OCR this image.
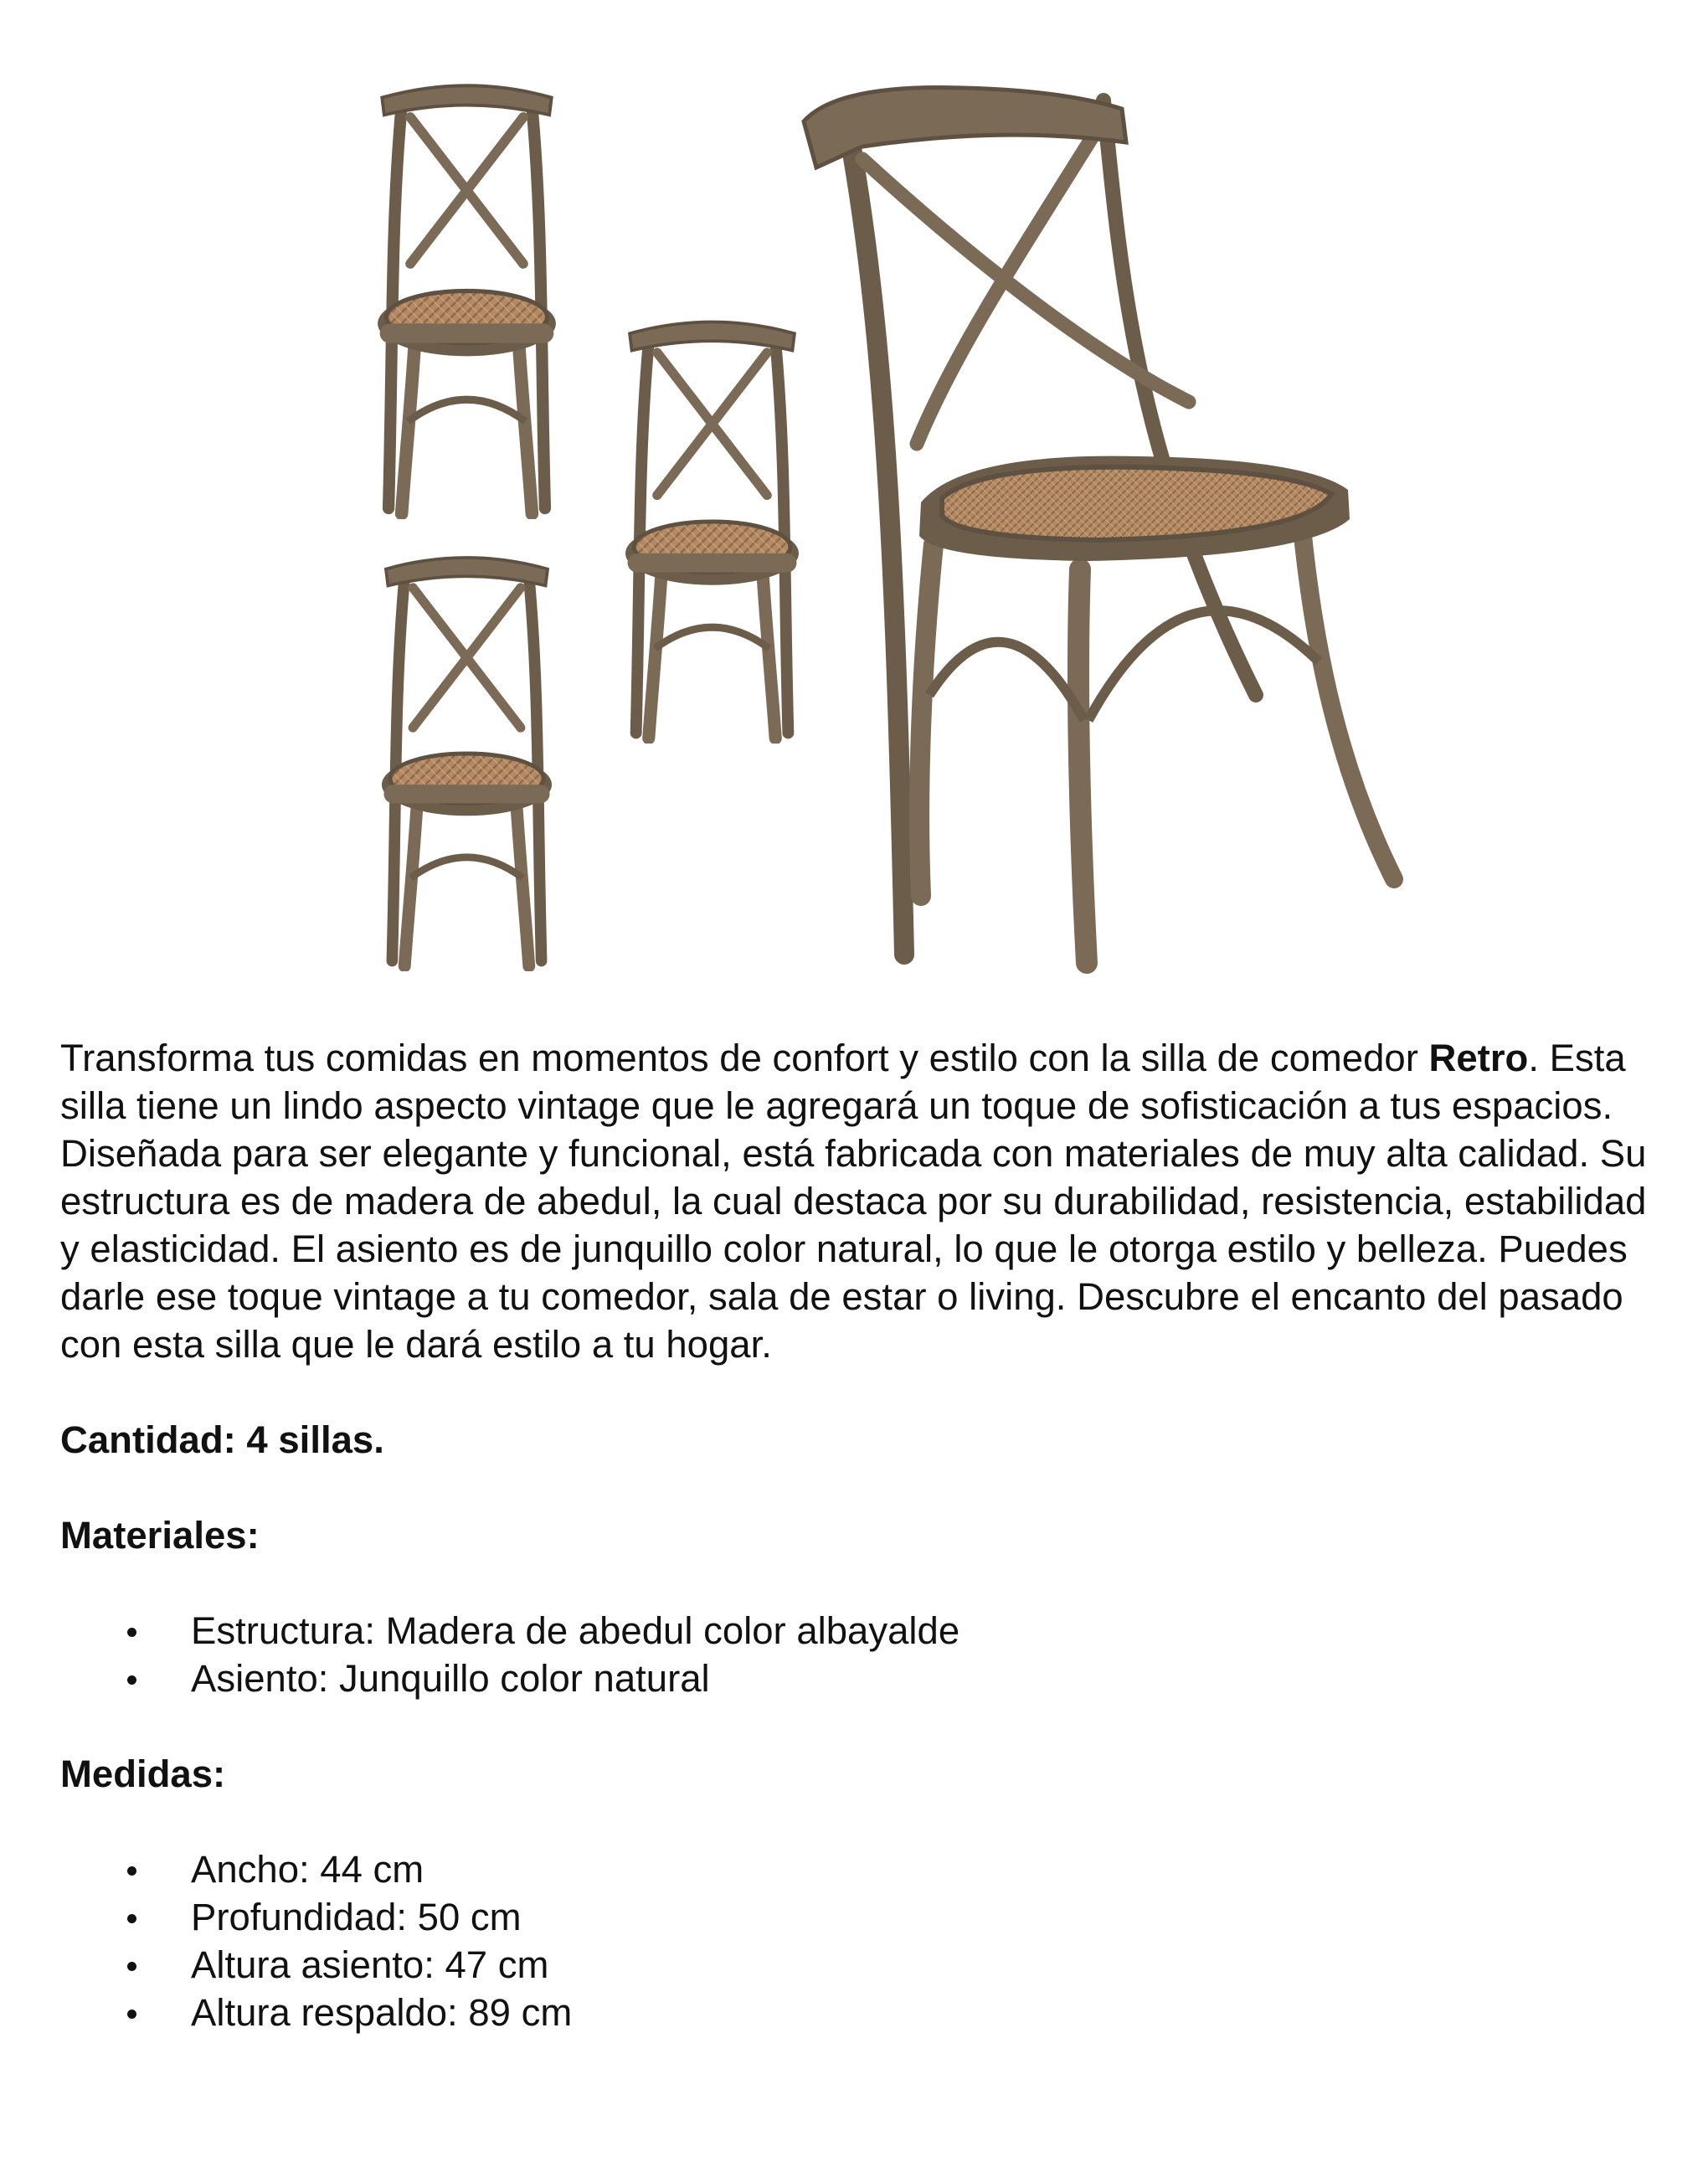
Transforma tus comidas en momentos de confort y estilo con la silla de comedor Retro. Esta silla tiene un lindo aspecto vintage que le agregará un toque de sofisticación a tus espacios. Diseñada para ser elegante y funcional, está fabricada con materiales de muy alta calidad. Su estructura es de madera de abedul, la cual destaca por su durabilidad, resistencia, estabilidad y elasticidad. El asiento es de junquillo color natural, lo que le otorga estilo y belleza. Puedes darle ese toque vintage a tu comedor, sala de estar o living. Descubre el encanto del pasado con esta silla que le dará estilo a tu hogar.

Cantidad: 4 sillas.

Materiales:

Estructura: Madera de abedul color albayalde
Asiento: Junquillo color natural

Medidas:

Ancho: 44 cm
Profundidad: 50 cm
Altura asiento: 47 cm
Altura respaldo: 89 cm
